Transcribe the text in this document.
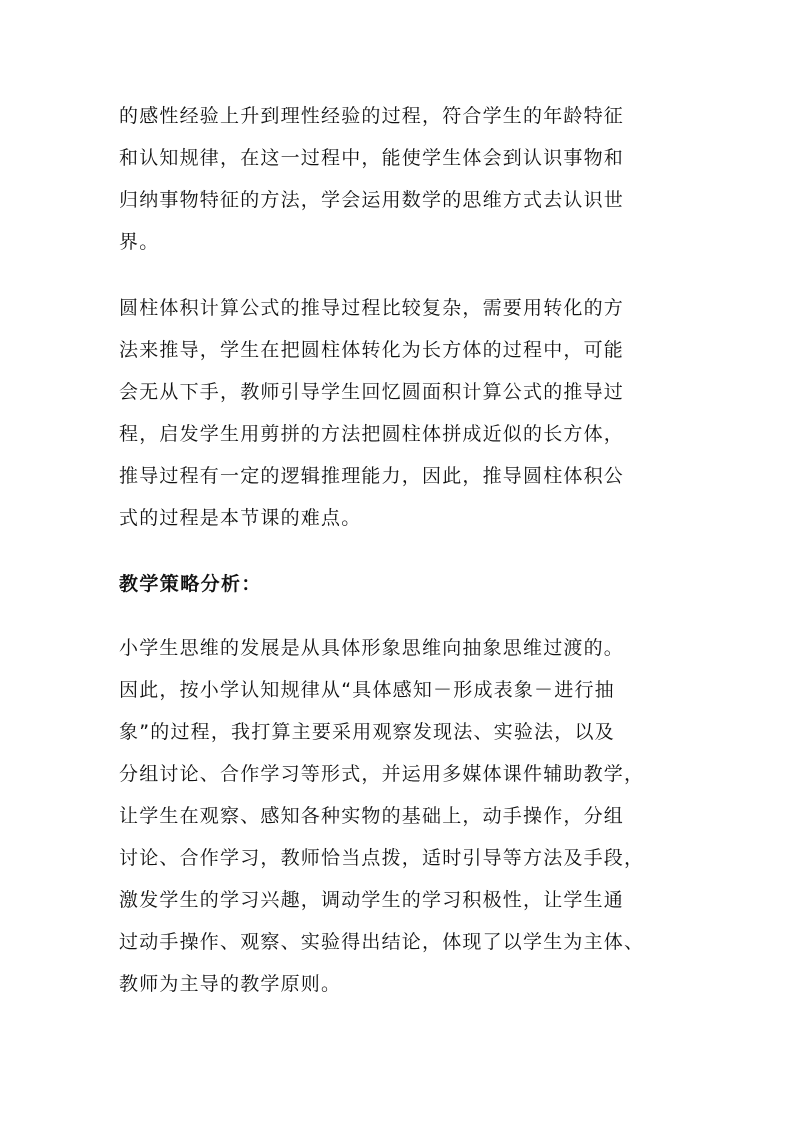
的感性经验上升到理性经验的过程，符合学生的年龄特征
和认知规律，在这一过程中，能使学生体会到认识事物和
归纳事物特征的方法，学会运用数学的思维方式去认识世
界。
圆柱体积计算公式的推导过程比较复杂，需要用转化的方
法来推导，学生在把圆柱体转化为长方体的过程中，可能
会无从下手，教师引导学生回忆圆面积计算公式的推导过
程，启发学生用剪拼的方法把圆柱体拼成近似的长方体，
推导过程有一定的逻辑推理能力，因此，推导圆柱体积公
式的过程是本节课的难点。
教学策略分析：
小学生思维的发展是从具体形象思维向抽象思维过渡的。
因此，按小学认知规律从“具体感知－形成表象－进行抽
象”的过程，我打算主要采用观察发现法、实验法，以及
分组讨论、合作学习等形式，并运用多媒体课件辅助教学，
让学生在观察、感知各种实物的基础上，动手操作，分组
讨论、合作学习，教师恰当点拨，适时引导等方法及手段，
激发学生的学习兴趣，调动学生的学习积极性，让学生通
过动手操作、观察、实验得出结论，体现了以学生为主体、
教师为主导的教学原则。
